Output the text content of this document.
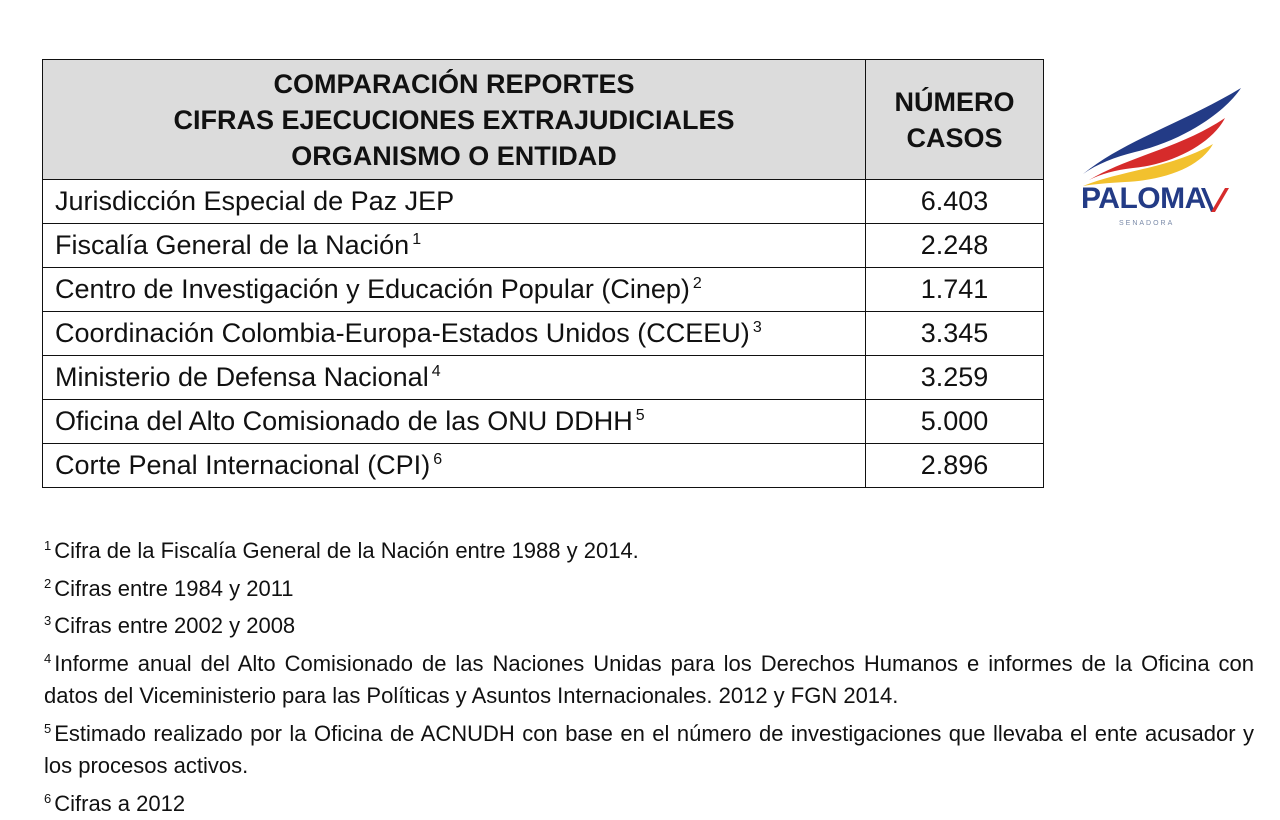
COMPARACIÓN REPORTES
CIFRAS EJECUCIONES EXTRAJUDICIALES
ORGANISMO O ENTIDAD	NÚMERO
CASOS

Jurisdicción Especial de Paz JEP	6.403
Fiscalía General de la Nación $^1$	2.248
Centro de Investigación y Educación Popular (Cinep) $^2$	1.741
Coordinación Colombia-Europa-Estados Unidos (CCEEU) $^3$	3.345
Ministerio de Defensa Nacional $^4$	3.259
Oficina del Alto Comisionado de las ONU DDHH $^5$	5.000
Corte Penal Internacional (CPI) $^6$	2.896
PALOMA
SENADORA
$^1$ Cifra de la Fiscalía General de la Nación entre 1988 y 2014.
$^2$ Cifras entre 1984 y 2011
$^3$ Cifras entre 2002 y 2008
$^4$ Informe anual del Alto Comisionado de las Naciones Unidas para los Derechos Humanos e informes de la Oficina con datos del Viceministerio para las Políticas y Asuntos Internacionales. 2012 y FGN 2014.
$^5$ Estimado realizado por la Oficina de ACNUDH con base en el número de investigaciones que llevaba el ente acusador y los procesos activos.
$^6$ Cifras a 2012
